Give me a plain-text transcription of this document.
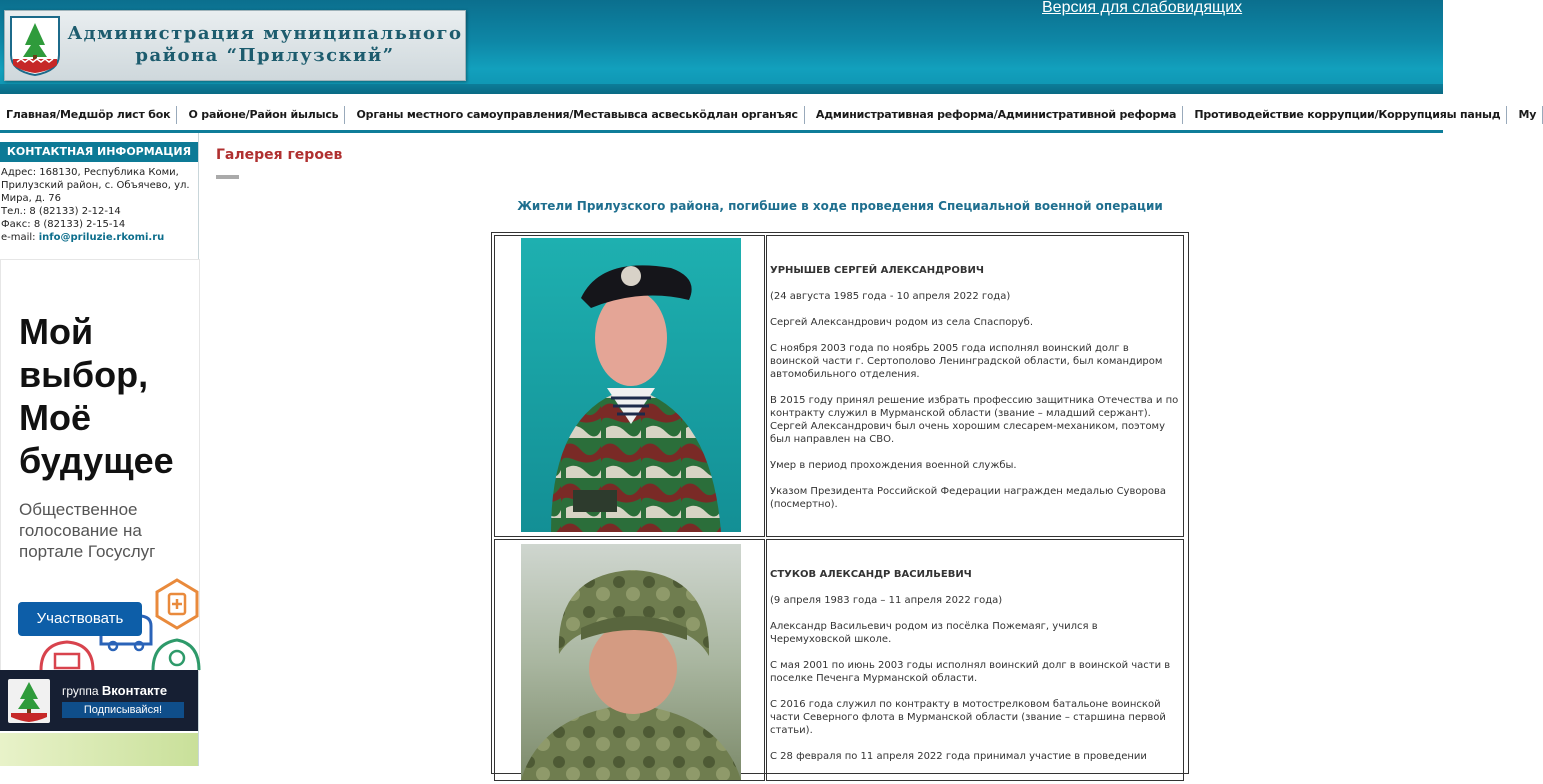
Администрация муниципального
района “Прилузский”
Версия для слабовидящих
Главная/Медшӧр лист бок О районе/Район йылысь Органы местного самоуправления/Меставывса асвеськӧдлан органъяс Административная реформа/Административной реформа Противодействие коррупции/Коррупцияы паныд Му
КОНТАКТНАЯ ИНФОРМАЦИЯ
Адрес: 168130, Республика Коми, Прилузский район, с. Объячево, ул. Мира, д. 76
Тел.: 8 (82133) 2-12-14
Факс: 8 (82133) 2-15-14
e-mail: info@priluzie.rkomi.ru
Мой
выбор,
Моё
будущее
Общественное
голосование на
портале Госуслуг
Участвовать
группа Вконтакте
Подписывайся!
Галерея героев
Жители Прилузского района, погибшие в ходе проведения Специальной военной операции

УРНЫШЕВ СЕРГЕЙ АЛЕКСАНДРОВИЧ

(24 августа 1985 года - 10 апреля 2022 года)

Сергей Александрович родом из села Спаспоруб.

С ноября 2003 года по ноябрь 2005 года исполнял воинский долг в воинской части г. Сертополово Ленинградской области, был командиром автомобильного отделения.

В 2015 году принял решение избрать профессию защитника Отечества и по контракту служил в Мурманской области (звание – младший сержант). Сергей Александрович был очень хорошим слесарем-механиком, поэтому был направлен на СВО.

Умер в период прохождения военной службы.

Указом Президента Российской Федерации награжден медалью Суворова (посмертно).

СТУКОВ АЛЕКСАНДР ВАСИЛЬЕВИЧ

(9 апреля 1983 года – 11 апреля 2022 года)

Александр Васильевич родом из посёлка Пожемаяг, учился в Черемуховской школе.

С мая 2001 по июнь 2003 годы исполнял воинский долг в воинской части в поселке Печенга Мурманской области.

С 2016 года служил по контракту в мотострелковом батальоне воинской части Северного флота в Мурманской области (звание – старшина первой статьи).

С 28 февраля по 11 апреля 2022 года принимал участие в проведении
